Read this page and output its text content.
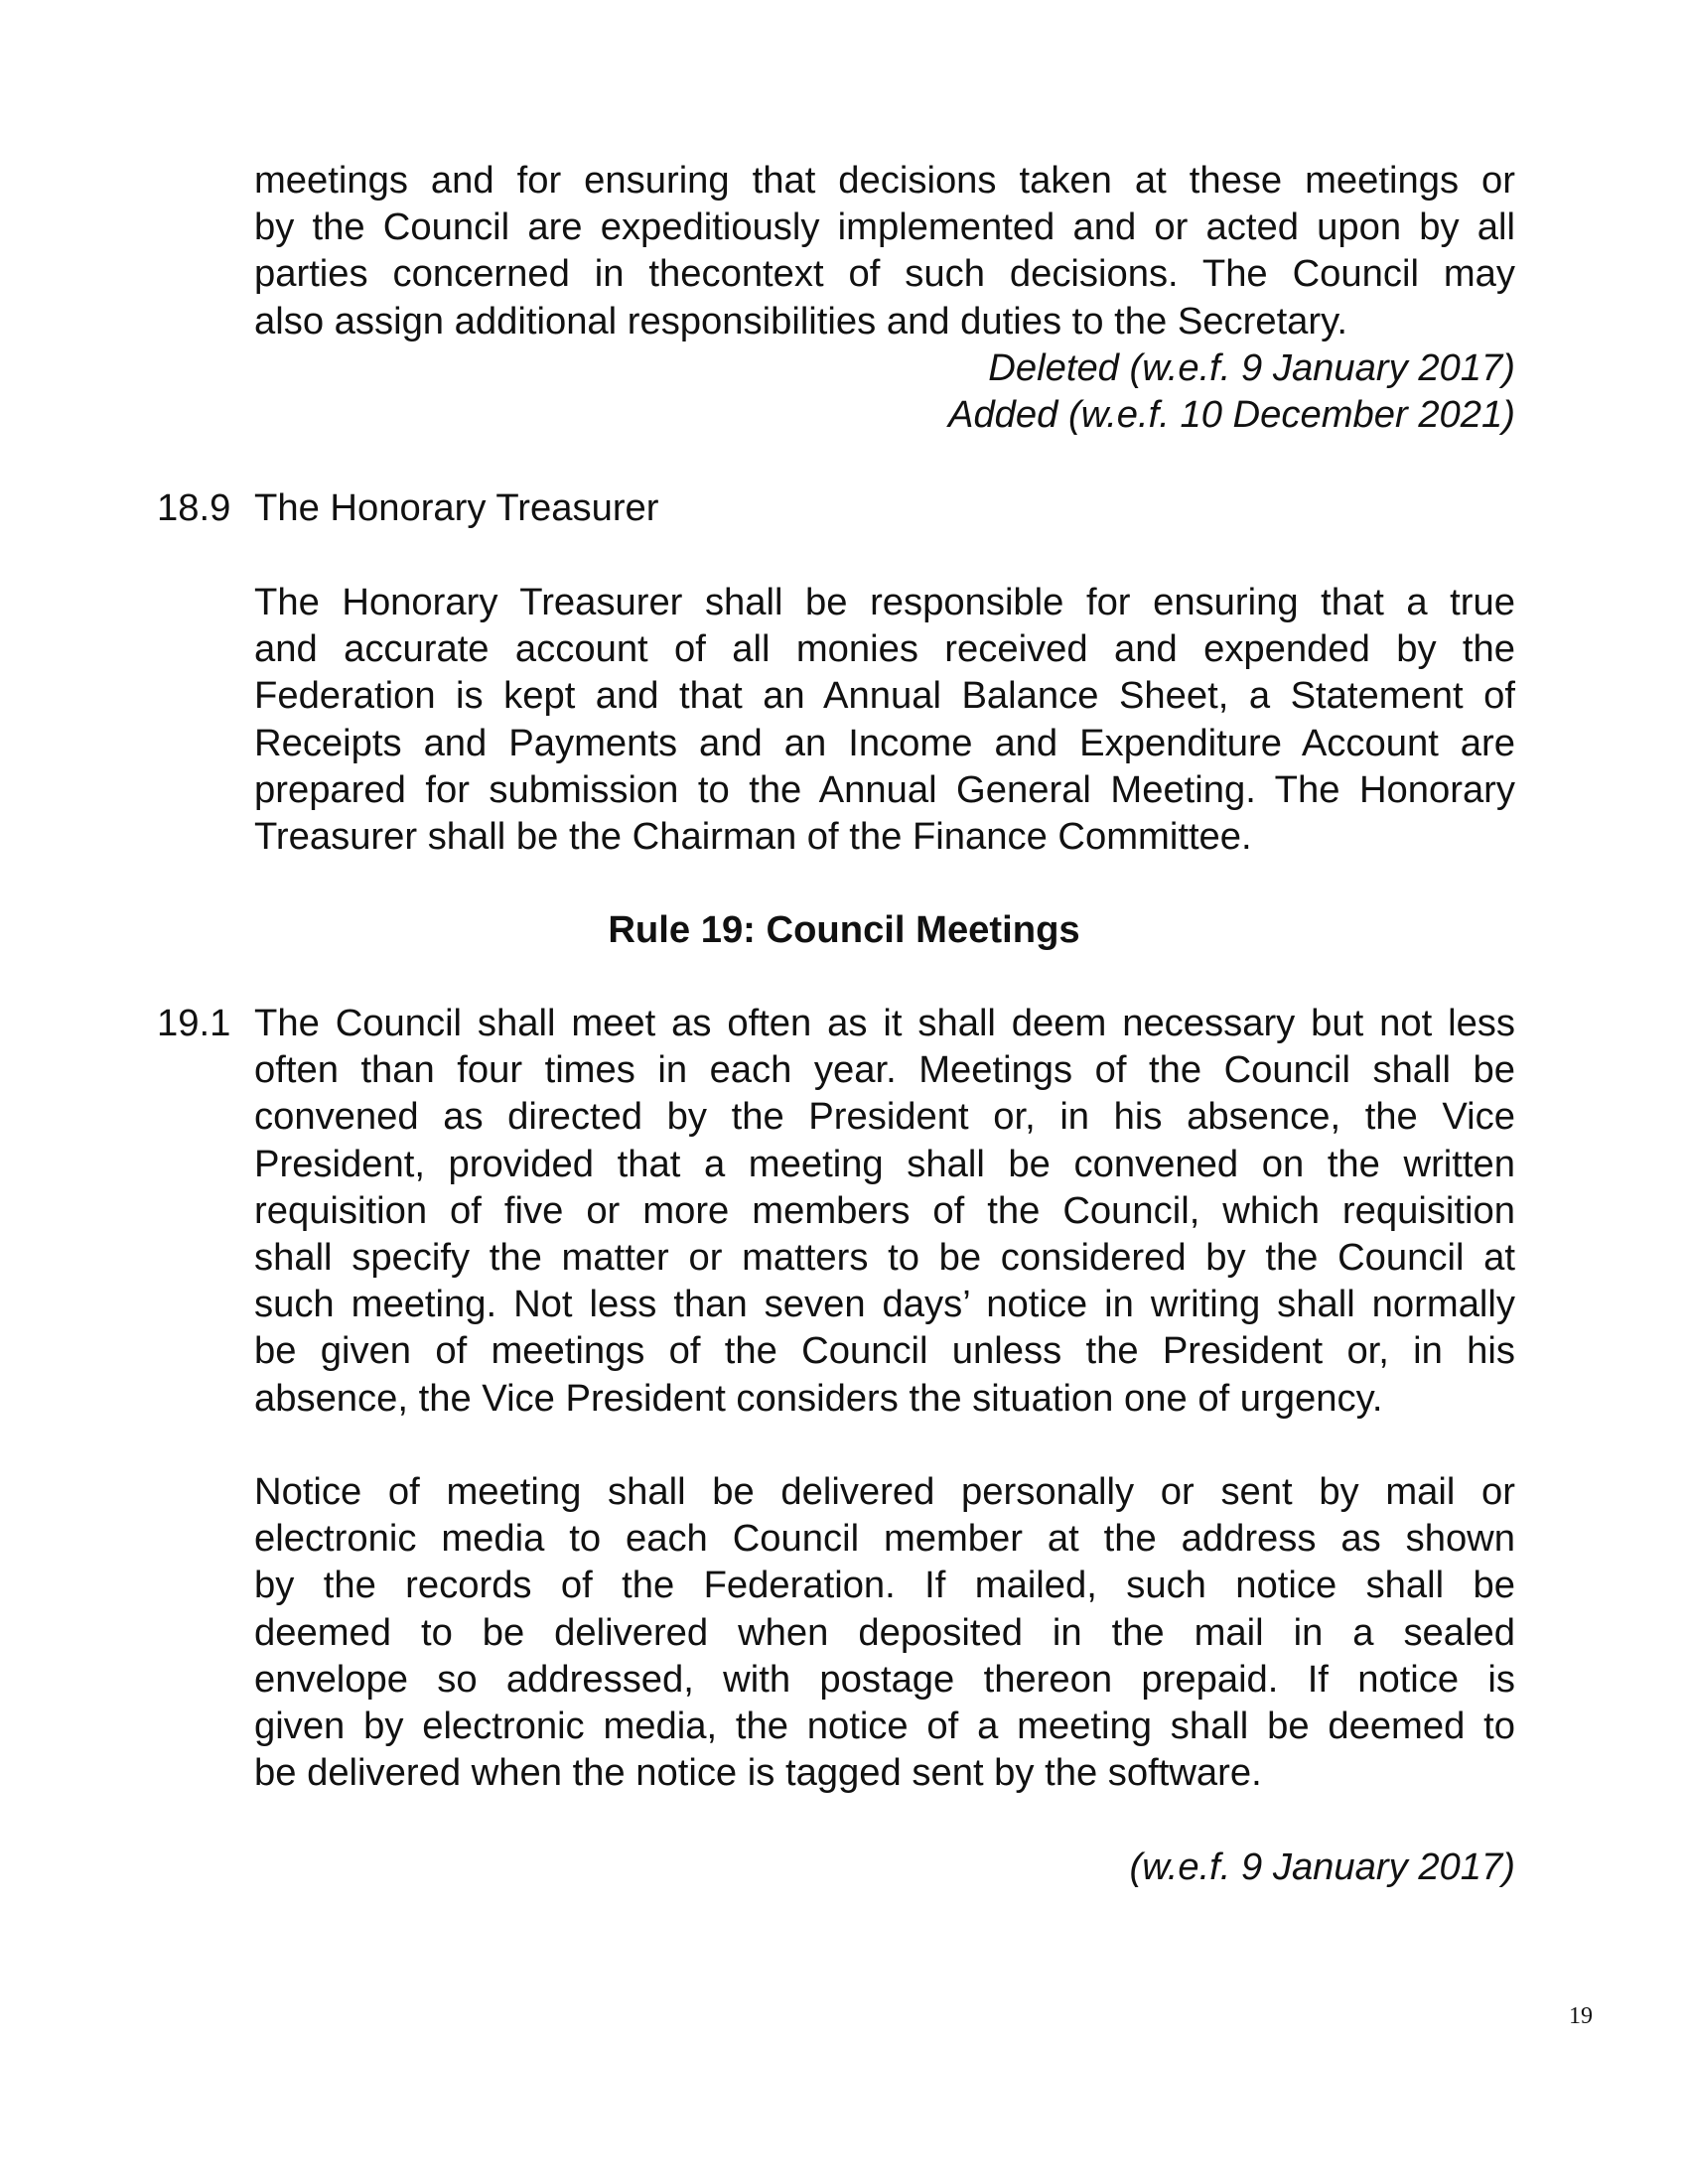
meetings and for ensuring that decisions taken at these meetings or
by the Council are expeditiously implemented and or acted upon by all
parties concerned in thecontext of such decisions. The Council may
also assign additional responsibilities and duties to the Secretary.

Deleted (w.e.f. 9 January 2017)

Added (w.e.f. 10 December 2021)

18.9 The Honorary Treasurer

The Honorary Treasurer shall be responsible for ensuring that a true
and accurate account of all monies received and expended by the
Federation is kept and that an Annual Balance Sheet, a Statement of
Receipts and Payments and an Income and Expenditure Account are
prepared for submission to the Annual General Meeting. The Honorary
Treasurer shall be the Chairman of the Finance Committee.

Rule 19: Council Meetings

19.1 The Council shall meet as often as it shall deem necessary but not less
often than four times in each year. Meetings of the Council shall be
convened as directed by the President or, in his absence, the Vice
President, provided that a meeting shall be convened on the written
requisition of five or more members of the Council, which requisition
shall specify the matter or matters to be considered by the Council at
such meeting. Not less than seven days’ notice in writing shall normally
be given of meetings of the Council unless the President or, in his
absence, the Vice President considers the situation one of urgency.
Notice of meeting shall be delivered personally or sent by mail or
electronic media to each Council member at the address as shown
by the records of the Federation. If mailed, such notice shall be
deemed to be delivered when deposited in the mail in a sealed
envelope so addressed, with postage thereon prepaid. If notice is
given by electronic media, the notice of a meeting shall be deemed to
be delivered when the notice is tagged sent by the software.

(w.e.f. 9 January 2017)

19
